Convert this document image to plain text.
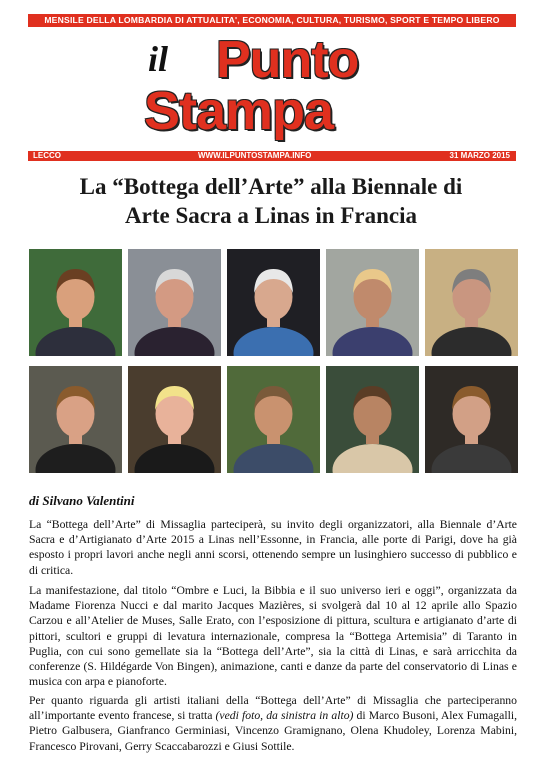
MENSILE DELLA LOMBARDIA DI ATTUALITA', ECONOMIA, CULTURA, TURISMO, SPORT E TEMPO LIBERO
il Punto
Stampa
LECCO	WWW.ILPUNTOSTAMPA.INFO	31 MARZO 2015
La “Bottega dell’Arte” alla Biennale di
Arte Sacra a Linas in Francia
di Silvano Valentini

La “Bottega dell’Arte” di Missaglia parteciperà, su invito degli organizzatori, alla Biennale d’Arte Sacra e d’Artigianato d’Arte 2015 a Linas nell’Essonne, in Francia, alle porte di Parigi, dove ha già esposto i propri lavori anche negli anni scorsi, ottenendo sempre un lusinghiero successo di pubblico e di critica.

La manifestazione, dal titolo “Ombre e Luci, la Bibbia e il suo universo ieri e oggi”, organizzata da Madame Fiorenza Nucci e dal marito Jacques Mazières, si svolgerà dal 10 al 12 aprile allo Spazio Carzou e all’Atelier de Muses, Salle Erato, con l’esposizione di pittura, scultura e artigianato d’arte di pittori, scultori e gruppi di levatura internazionale, compresa la “Bottega Artemisia” di Taranto in Puglia, con cui sono gemellate sia la “Bottega dell’Arte”, sia la città di Linas, e sarà arricchita da conferenze (S. Hildégarde Von Bingen), animazione, canti e danze da parte del conservatorio di Linas e musica con arpa e pianoforte.

Per quanto riguarda gli artisti italiani della “Bottega dell’Arte” di Missaglia che parteciperanno all’importante evento francese, si tratta (vedi foto, da sinistra in alto) di Marco Busoni, Alex Fumagalli, Pietro Galbusera, Gianfranco Germiniasi, Vincenzo Gramignano, Olena Khudoley, Lorenza Mabini, Francesco Pirovani, Gerry Scaccabarozzi e Giusi Sottile.
